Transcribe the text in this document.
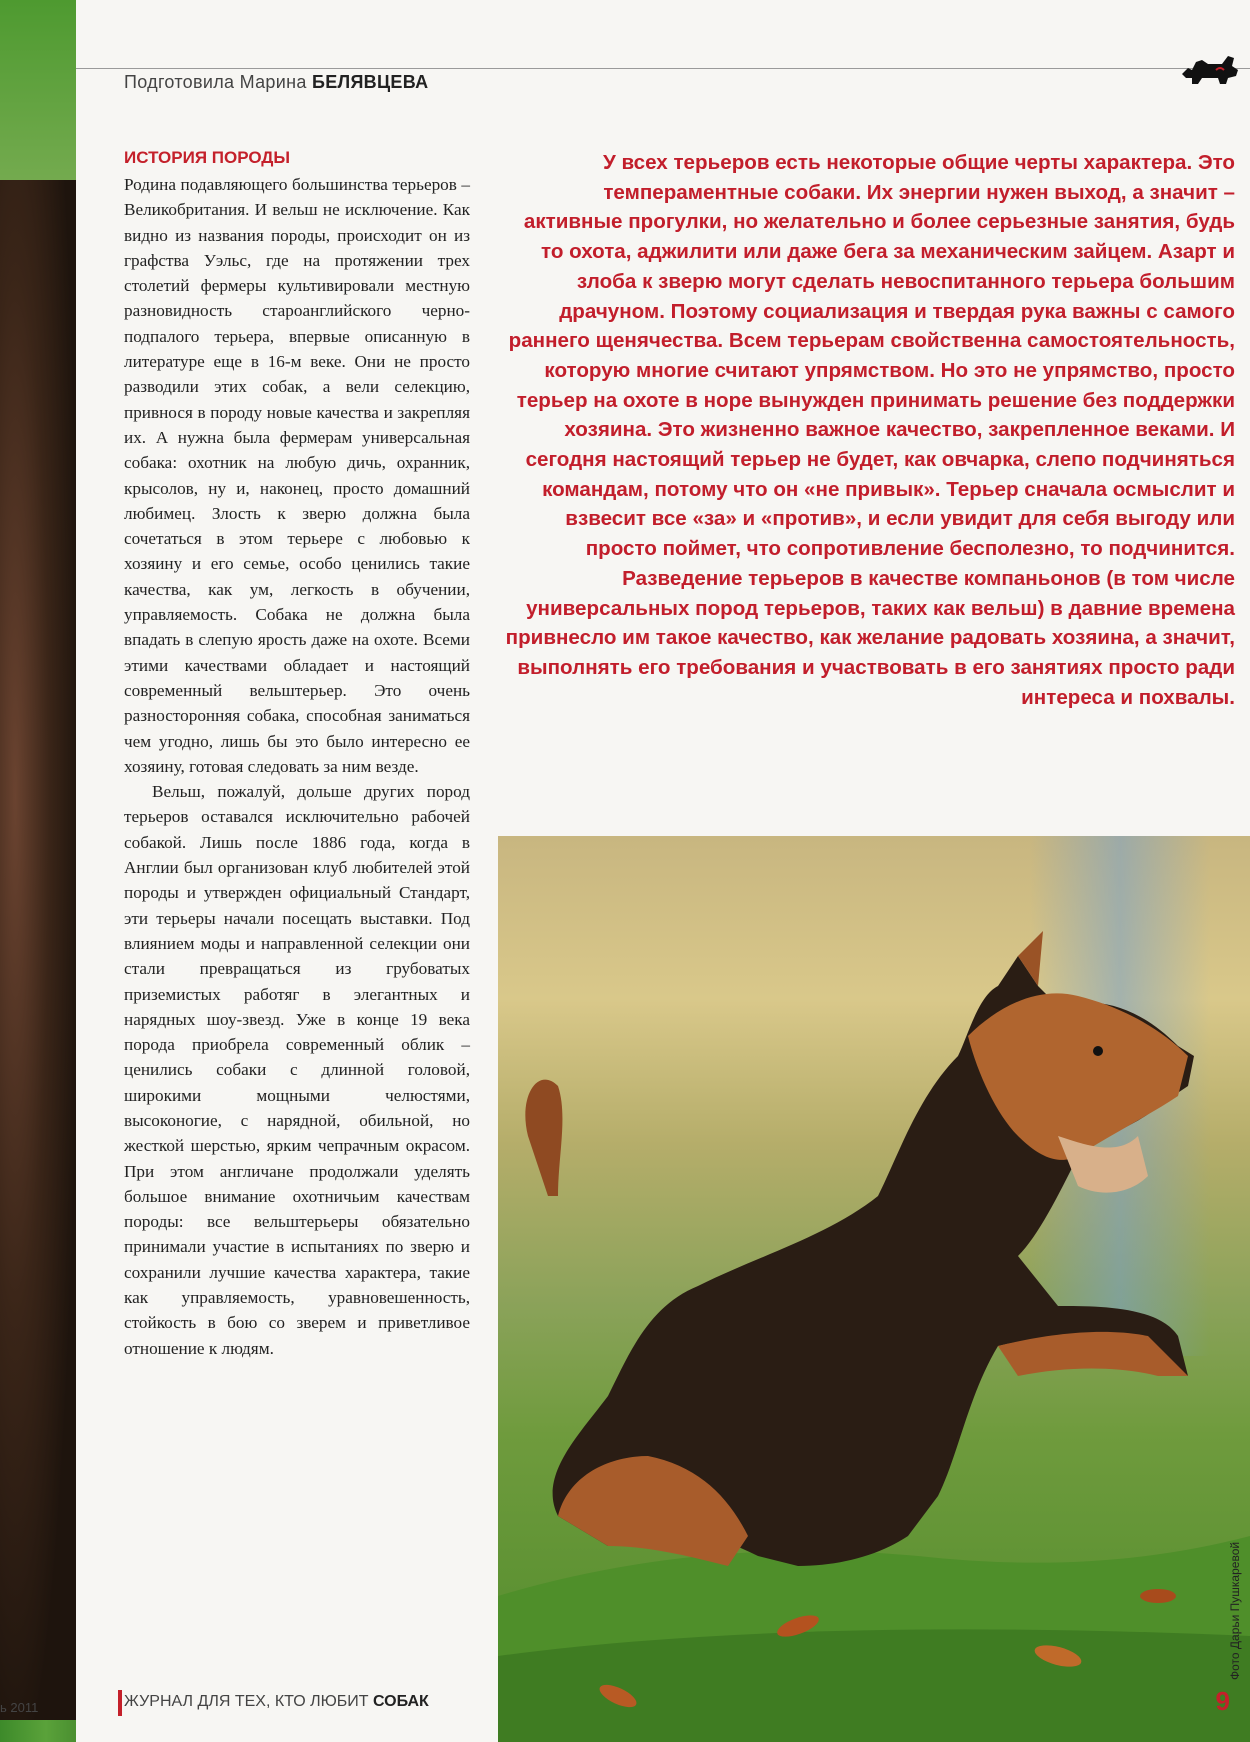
Подготовила Марина БЕЛЯВЦЕВА
ИСТОРИЯ ПОРОДЫ

Родина подавляющего большинства терьеров – Великобритания. И вельш не исключение. Как видно из названия породы, происходит он из графства Уэльс, где на протяжении трех столетий фермеры культивировали местную разновидность староанглийского черно-подпалого терьера, впервые описанную в литературе еще в 16-м веке. Они не просто разводили этих собак, а вели селекцию, привнося в породу новые качества и закрепляя их. А нужна была фермерам универсальная собака: охотник на любую дичь, охранник, крысолов, ну и, наконец, просто домашний любимец. Злость к зверю должна была сочетаться в этом терьере с любовью к хозяину и его семье, особо ценились такие качества, как ум, легкость в обучении, управляемость. Собака не должна была впадать в слепую ярость даже на охоте. Всеми этими качествами обладает и настоящий современный вельштерьер. Это очень разносторонняя собака, способная заниматься чем угодно, лишь бы это было интересно ее хозяину, готовая следовать за ним везде.

Вельш, пожалуй, дольше других пород терьеров оставался исключительно рабочей собакой. Лишь после 1886 года, когда в Англии был организован клуб любителей этой породы и утвержден официальный Стандарт, эти терьеры начали посещать выставки. Под влиянием моды и направленной селекции они стали превращаться из грубоватых приземистых работяг в элегантных и нарядных шоу-звезд. Уже в конце 19 века порода приобрела современный облик – ценились собаки с длинной головой, широкими мощными челюстями, высоконогие, с нарядной, обильной, но жесткой шерстью, ярким чепрачным окрасом. При этом англичане продолжали уделять большое внимание охотничьим качествам породы: все вельштерьеры обязательно принимали участие в испытаниях по зверю и сохранили лучшие качества характера, такие как управляемость, уравновешенность, стойкость в бою со зверем и приветливое отношение к людям.

У всех терьеров есть некоторые общие черты характера. Это темпераментные собаки. Их энергии нужен выход, а значит – активные прогулки, но желательно и более серьезные занятия, будь то охота, аджилити или даже бега за механическим зайцем. Азарт и злоба к зверю могут сделать невоспитанного терьера большим драчуном. Поэтому социализация и твердая рука важны с самого раннего щенячества. Всем терьерам свойственна самостоятельность, которую многие считают упрямством. Но это не упрямство, просто терьер на охоте в норе вынужден принимать решение без поддержки хозяина. Это жизненно важное качество, закрепленное веками. И сегодня настоящий терьер не будет, как овчарка, слепо подчиняться командам, потому что он «не привык». Терьер сначала осмыслит и взвесит все «за» и «против», и если увидит для себя выгоду или просто поймет, что сопротивление бесполезно, то подчинится. Разведение терьеров в качестве компаньонов (в том числе универсальных пород терьеров, таких как вельш) в давние времена привнесло им такое качество, как желание радовать хозяина, а значит, выполнять его требования и участвовать в его занятиях просто ради интереса и похвалы.
Фото Дарьи Пушкаревой
ЖУРНАЛ ДЛЯ ТЕХ, КТО ЛЮБИТ СОБАК
ь 2011	9
